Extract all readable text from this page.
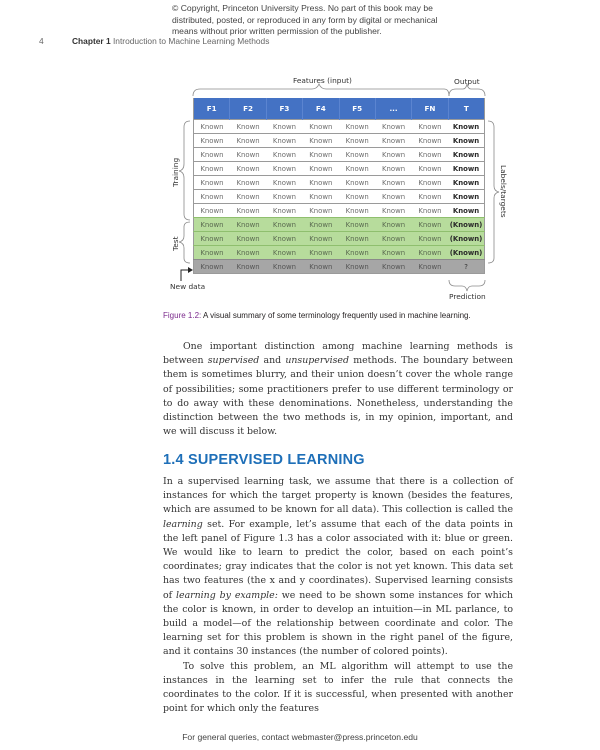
© Copyright, Princeton University Press. No part of this book may be
distributed, posted, or reproduced in any form by digital or mechanical
means without prior written permission of the publisher.
4	Chapter 1 Introduction to Machine Learning Methods
Features (input)	Output
Training
Test
Labels/targets
New data
Prediction
F1	F2	F3	F4	F5	...	FN	T
Known	Known	Known	Known	Known	Known	Known	Known
Known	Known	Known	Known	Known	Known	Known	Known
Known	Known	Known	Known	Known	Known	Known	Known
Known	Known	Known	Known	Known	Known	Known	Known
Known	Known	Known	Known	Known	Known	Known	Known
Known	Known	Known	Known	Known	Known	Known	Known
Known	Known	Known	Known	Known	Known	Known	Known
Known	Known	Known	Known	Known	Known	Known	(Known)
Known	Known	Known	Known	Known	Known	Known	(Known)
Known	Known	Known	Known	Known	Known	Known	(Known)
Known	Known	Known	Known	Known	Known	Known	?
Figure 1.2: A visual summary of some terminology frequently used in machine learning.

One important distinction among machine learning methods is between supervised and unsupervised methods. The boundary between them is sometimes blurry, and their union doesn’t cover the whole range of possibilities; some practitioners prefer to use different terminology or to do away with these denominations. Nonetheless, understanding the distinction between the two methods is, in my opinion, important, and we will discuss it below.

1.4 SUPERVISED LEARNING

In a supervised learning task, we assume that there is a collection of instances for which the target property is known (besides the features, which are assumed to be known for all data). This collection is called the learning set. For example, let’s assume that each of the data points in the left panel of Figure 1.3 has a color associated with it: blue or green. We would like to learn to predict the color, based on each point’s coordinates; gray indicates that the color is not yet known. This data set has two features (the x and y coordinates). Supervised learning consists of learning by example: we need to be shown some instances for which the color is known, in order to develop an intuition—in ML parlance, to build a model—of the relationship between coordinate and color. The learning set for this problem is shown in the right panel of the figure, and it contains 30 instances (the number of colored points).

To solve this problem, an ML algorithm will attempt to use the instances in the learning set to infer the rule that connects the coordinates to the color. If it is successful, when presented with another point for which only the features

For general queries, contact webmaster@press.princeton.edu
